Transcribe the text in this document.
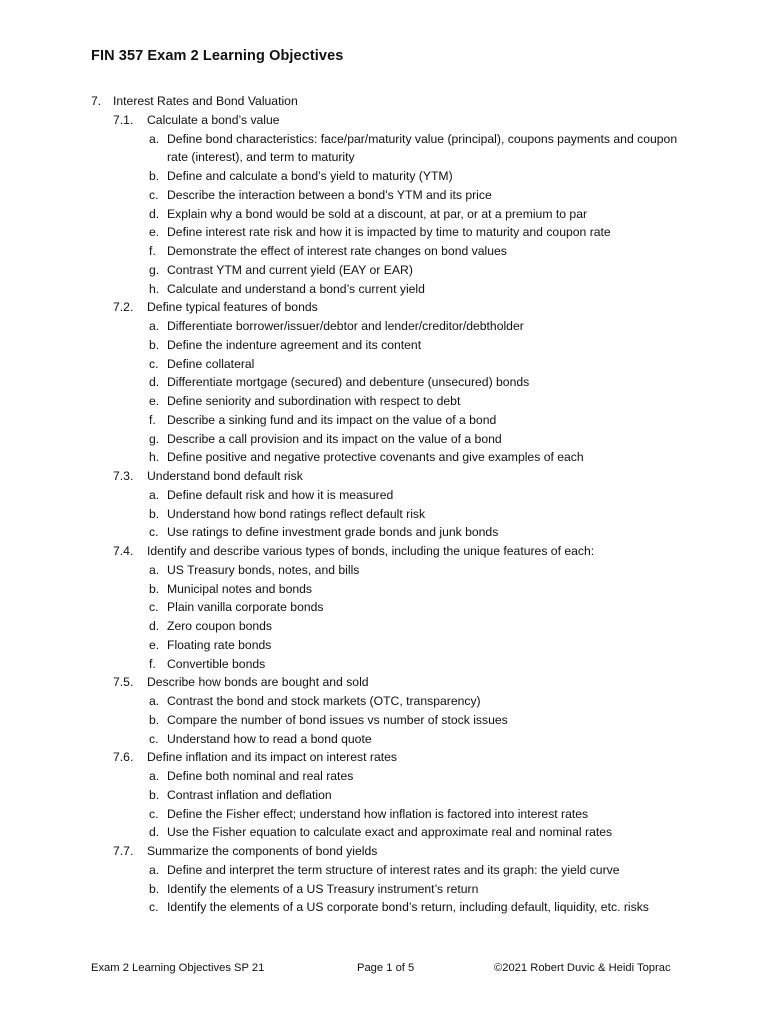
FIN 357 Exam 2 Learning Objectives
7. Interest Rates and Bond Valuation

7.1. Calculate a bond’s value

a. Define bond characteristics: face/par/maturity value (principal), coupons payments and coupon rate (interest), and term to maturity
b. Define and calculate a bond’s yield to maturity (YTM)
c. Describe the interaction between a bond’s YTM and its price
d. Explain why a bond would be sold at a discount, at par, or at a premium to par
e. Define interest rate risk and how it is impacted by time to maturity and coupon rate
f. Demonstrate the effect of interest rate changes on bond values
g. Contrast YTM and current yield (EAY or EAR)
h. Calculate and understand a bond’s current yield
7.2. Define typical features of bonds

a. Differentiate borrower/issuer/debtor and lender/creditor/debtholder
b. Define the indenture agreement and its content
c. Define collateral
d. Differentiate mortgage (secured) and debenture (unsecured) bonds
e. Define seniority and subordination with respect to debt
f. Describe a sinking fund and its impact on the value of a bond
g. Describe a call provision and its impact on the value of a bond
h. Define positive and negative protective covenants and give examples of each
7.3. Understand bond default risk

a. Define default risk and how it is measured
b. Understand how bond ratings reflect default risk
c. Use ratings to define investment grade bonds and junk bonds
7.4. Identify and describe various types of bonds, including the unique features of each:

a. US Treasury bonds, notes, and bills
b. Municipal notes and bonds
c. Plain vanilla corporate bonds
d. Zero coupon bonds
e. Floating rate bonds
f. Convertible bonds
7.5. Describe how bonds are bought and sold

a. Contrast the bond and stock markets (OTC, transparency)
b. Compare the number of bond issues vs number of stock issues
c. Understand how to read a bond quote
7.6. Define inflation and its impact on interest rates

a. Define both nominal and real rates
b. Contrast inflation and deflation
c. Define the Fisher effect; understand how inflation is factored into interest rates
d. Use the Fisher equation to calculate exact and approximate real and nominal rates
7.7. Summarize the components of bond yields

a. Define and interpret the term structure of interest rates and its graph: the yield curve
b. Identify the elements of a US Treasury instrument’s return
c. Identify the elements of a US corporate bond’s return, including default, liquidity, etc. risks
Exam 2 Learning Objectives SP 21	Page 1 of 5	©2021 Robert Duvic & Heidi Toprac
